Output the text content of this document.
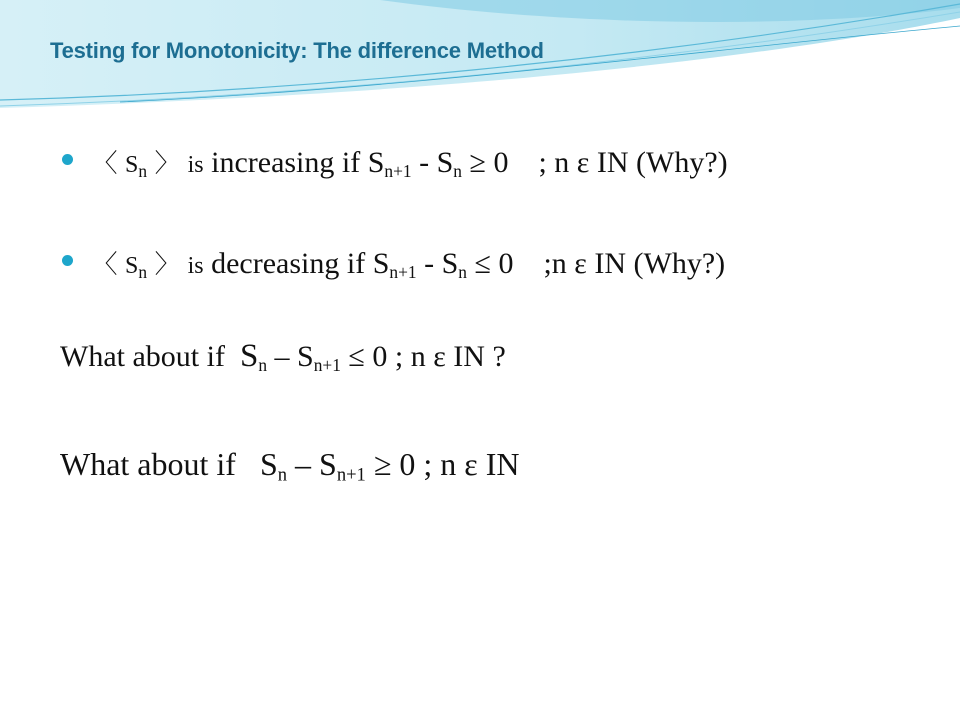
Testing for Monotonicity: The difference Method
〈 $S_n$ 〉 is increasing if $S_{n+1} - S_n \ge 0$ ; n ε IN (Why?)
〈 $S_n$ 〉 is decreasing if $S_{n+1} - S_n \le 0$ ;n ε IN (Why?)
What about if $S_n - S_{n+1} \le 0$ ; n ε IN ?
What about if $S_n - S_{n+1} \ge 0$ ; n ε IN
